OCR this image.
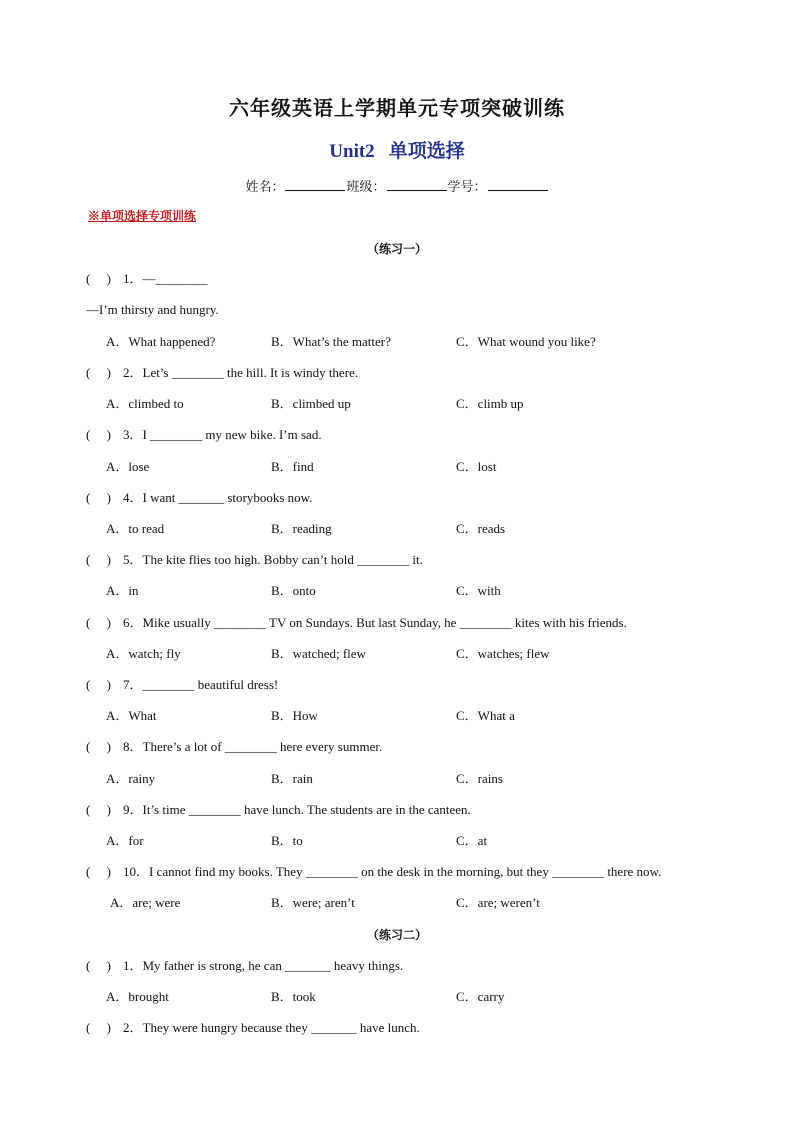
六年级英语上学期单元专项突破训练
Unit2 单项选择
姓名：	班级：	学号：
※单项选择专项训练
（练习一）
( ) 1．—________
—I’m thirsty and hungry.
A．What happened?	B．What’s the matter?	C．What wound you like?
( ) 2．Let’s ________ the hill. It is windy there.
A．climbed to	B．climbed up	C．climb up
( ) 3．I ________ my new bike. I’m sad.
A．lose	B．find	C．lost
( ) 4．I want _______ storybooks now.
A．to read	B．reading	C．reads
( ) 5．The kite flies too high. Bobby can’t hold ________ it.
A．in	B．onto	C．with
( ) 6．Mike usually ________ TV on Sundays. But last Sunday, he ________ kites with his friends.
A．watch; fly	B．watched; flew	C．watches; flew
( ) 7．________ beautiful dress!
A．What	B．How	C．What a
( ) 8．There’s a lot of ________ here every summer.
A．rainy	B．rain	C．rains
( ) 9．It’s time ________ have lunch. The students are in the canteen.
A．for	B．to	C．at
( ) 10．I cannot find my books. They ________ on the desk in the morning, but they ________ there now.
A．are; were	B．were; aren’t	C．are; weren’t
（练习二）
( ) 1．My father is strong, he can _______ heavy things.
A．brought	B．took	C．carry
( ) 2．They were hungry because they _______ have lunch.
